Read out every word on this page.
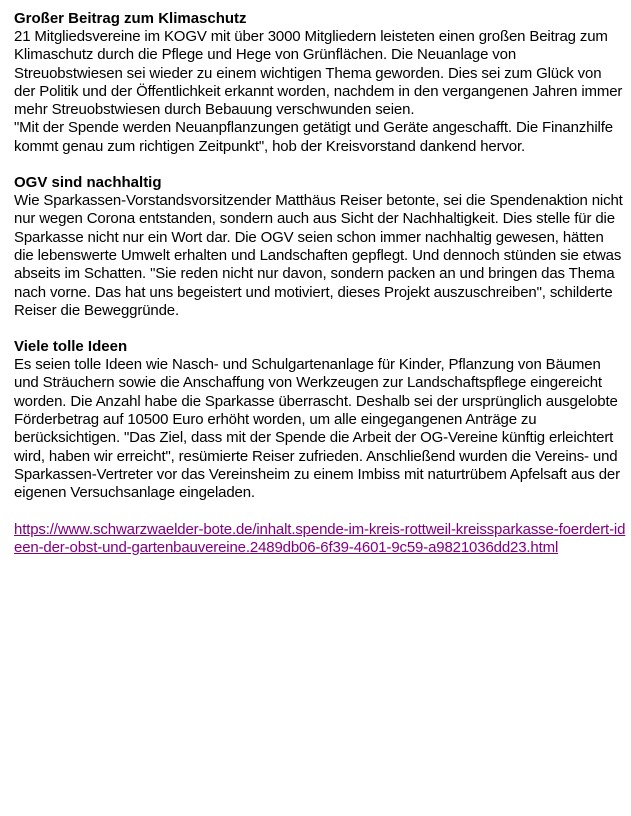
Großer Beitrag zum Klimaschutz

21 Mitgliedsvereine im KOGV mit über 3000 Mitgliedern leisteten einen großen Beitrag zum Klimaschutz durch die Pflege und Hege von Grünflächen. Die Neuanlage von Streuobstwiesen sei wieder zu einem wichtigen Thema geworden. Dies sei zum Glück von der Politik und der Öffentlichkeit erkannt worden, nachdem in den vergangenen Jahren immer mehr Streuobstwiesen durch Bebauung verschwunden seien.

"Mit der Spende werden Neuanpflanzungen getätigt und Geräte angeschafft. Die Finanzhilfe kommt genau zum richtigen Zeitpunkt", hob der Kreisvorstand dankend hervor.

OGV sind nachhaltig

Wie Sparkassen-Vorstandsvorsitzender Matthäus Reiser betonte, sei die Spendenaktion nicht nur wegen Corona entstanden, sondern auch aus Sicht der Nachhaltigkeit. Dies stelle für die Sparkasse nicht nur ein Wort dar. Die OGV seien schon immer nachhaltig gewesen, hätten die lebenswerte Umwelt erhalten und Landschaften gepflegt. Und dennoch stünden sie etwas abseits im Schatten. "Sie reden nicht nur davon, sondern packen an und bringen das Thema nach vorne. Das hat uns begeistert und motiviert, dieses Projekt auszuschreiben", schilderte Reiser die Beweggründe.

Viele tolle Ideen

Es seien tolle Ideen wie Nasch- und Schulgartenanlage für Kinder, Pflanzung von Bäumen und Sträuchern sowie die Anschaffung von Werkzeugen zur Landschaftspflege eingereicht worden. Die Anzahl habe die Sparkasse überrascht. Deshalb sei der ursprünglich ausgelobte Förderbetrag auf 10500 Euro erhöht worden, um alle eingegangenen Anträge zu berücksichtigen. "Das Ziel, dass mit der Spende die Arbeit der OG-Vereine künftig erleichtert wird, haben wir erreicht", resümierte Reiser zufrieden. Anschließend wurden die Vereins- und Sparkassen-Vertreter vor das Vereinsheim zu einem Imbiss mit naturtrübem Apfelsaft aus der eigenen Versuchsanlage eingeladen.

https://www.schwarzwaelder-bote.de/inhalt.spende-im-kreis-rottweil-kreissparkasse-foerdert-ideen-der-obst-und-gartenbauvereine.2489db06-6f39-4601-9c59-a9821036dd23.html
